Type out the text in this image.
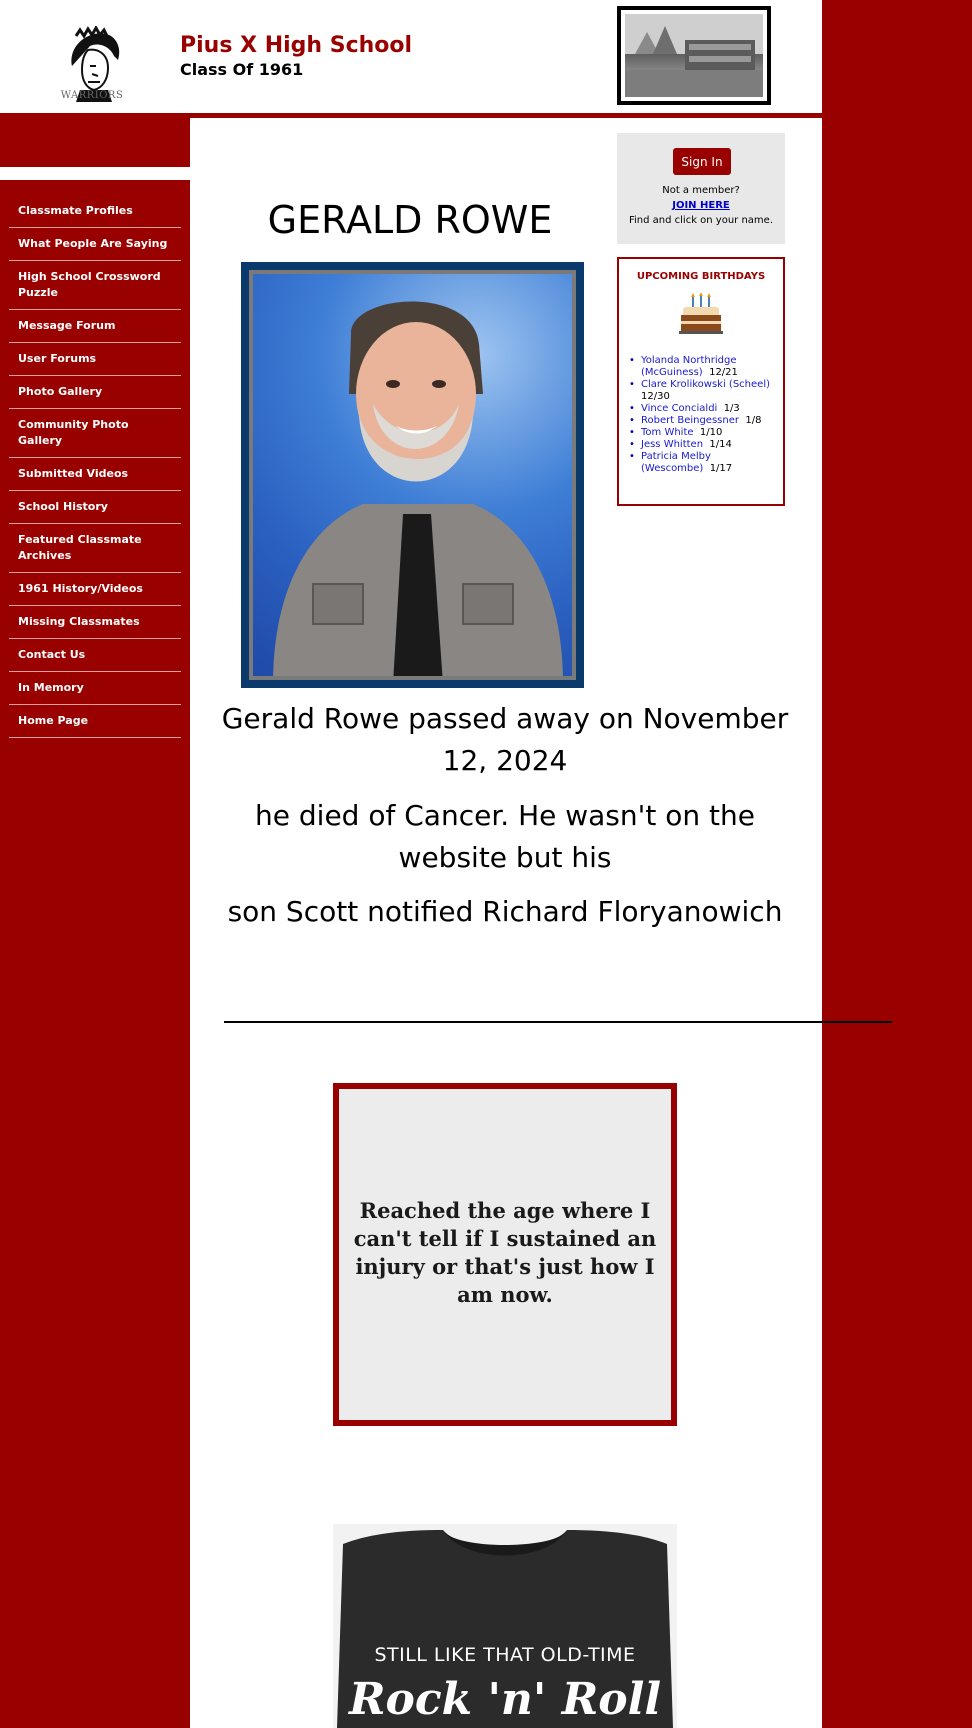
WARRIORS
Pius X High School
Class Of 1961
Classmate Profiles
What People Are Saying
High School Crossword Puzzle
Message Forum
User Forums
Photo Gallery
Community Photo Gallery
Submitted Videos
School History
Featured Classmate Archives
1961 History/Videos
Missing Classmates
Contact Us
In Memory
Home Page
Sign In
Not a member?
JOIN HERE
Find and click on your name.
UPCOMING BIRTHDAYS
• Yolanda Northridge (McGuiness) 12/21
• Clare Krolikowski (Scheel)  12/30
• Vince Concialdi 1/3
• Robert Beingessner 1/8
• Tom White 1/10
• Jess Whitten 1/14
• Patricia Melby (Wescombe) 1/17
GERALD ROWE
Gerald Rowe passed away on November 12, 2024
he died of Cancer. He wasn't on the website but his
son Scott notified Richard Floryanowich
Reached the age where I can't tell if I sustained an injury or that's just how I am now.
STILL LIKE THAT OLD-TIME
Rock 'n' Roll
